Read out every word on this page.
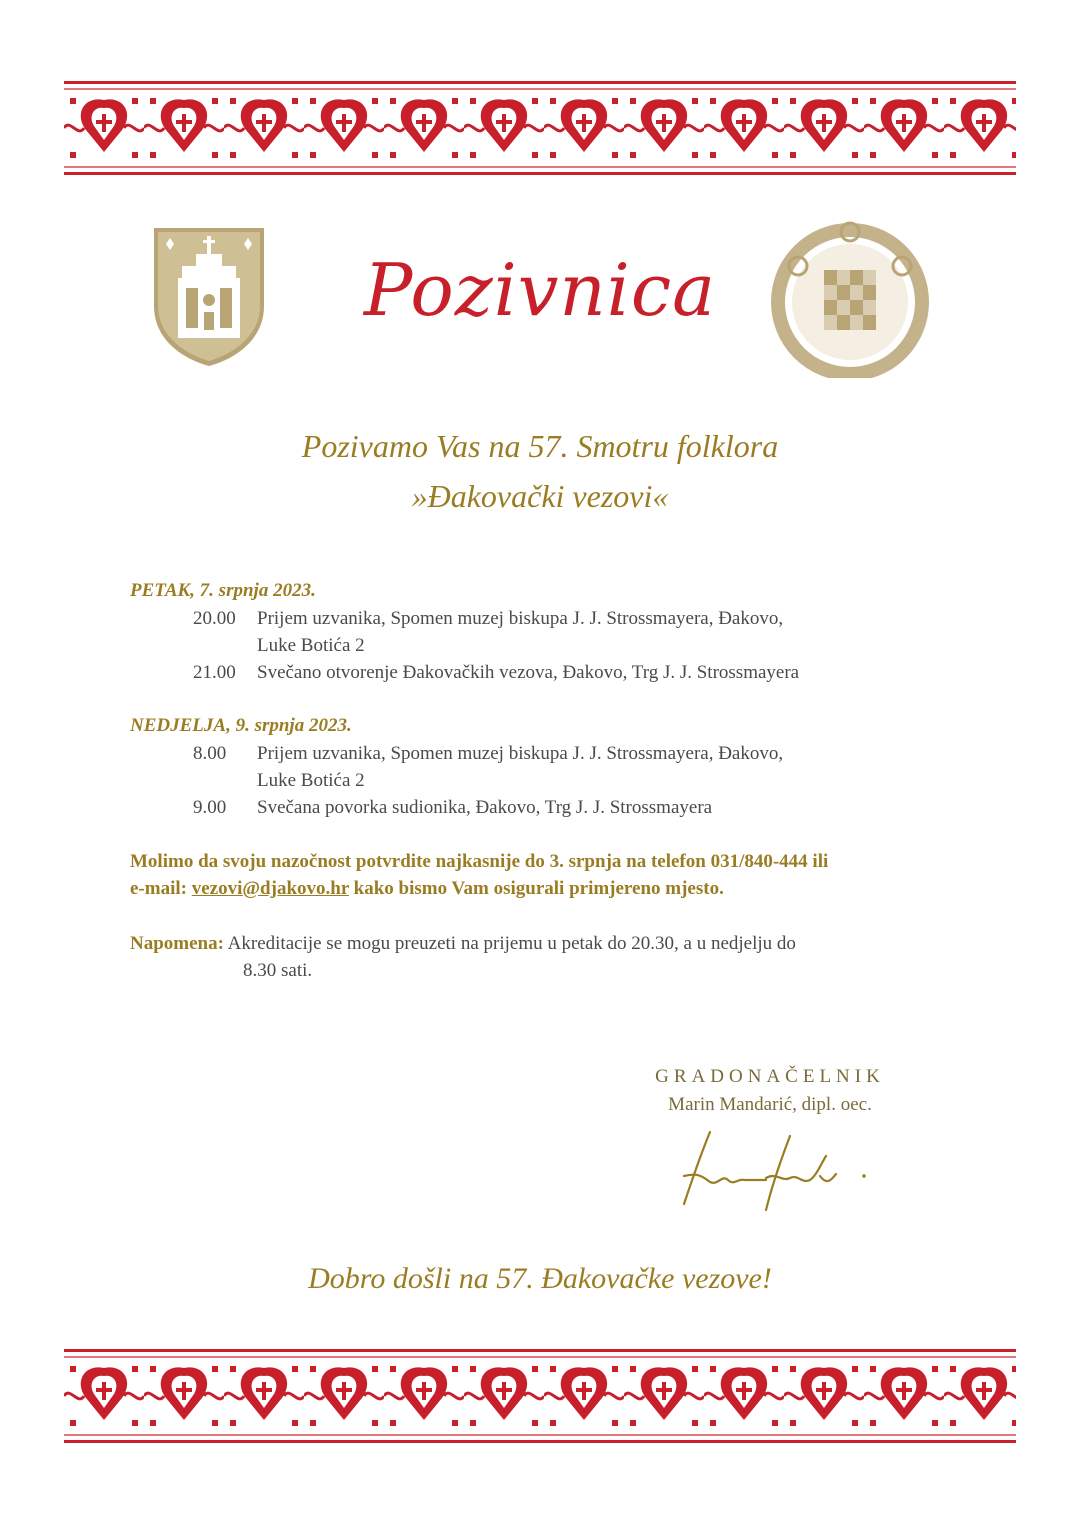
Pozivnica
Pozivamo Vas na 57. Smotru folklora
»Đakovački vezovi«
PETAK, 7. srpnja 2023.
20.00 Prijem uzvanika, Spomen muzej biskupa J. J. Strossmayera, Đakovo,
Luke Botića 2
21.00 Svečano otvorenje Đakovačkih vezova, Đakovo, Trg J. J. Strossmayera
NEDJELJA, 9. srpnja 2023.
8.00 Prijem uzvanika, Spomen muzej biskupa J. J. Strossmayera, Đakovo,
Luke Botića 2
9.00 Svečana povorka sudionika, Đakovo, Trg J. J. Strossmayera
Molimo da svoju nazočnost potvrdite najkasnije do 3. srpnja na telefon 031/840-444 ili
e-mail: vezovi@djakovo.hr kako bismo Vam osigurali primjereno mjesto.
Napomena: Akreditacije se mogu preuzeti na prijemu u petak do 20.30, a u nedjelju do
8.30 sati.
GRADONAČELNIK
Marin Mandarić, dipl. oec.
Dobro došli na 57. Đakovačke vezove!
